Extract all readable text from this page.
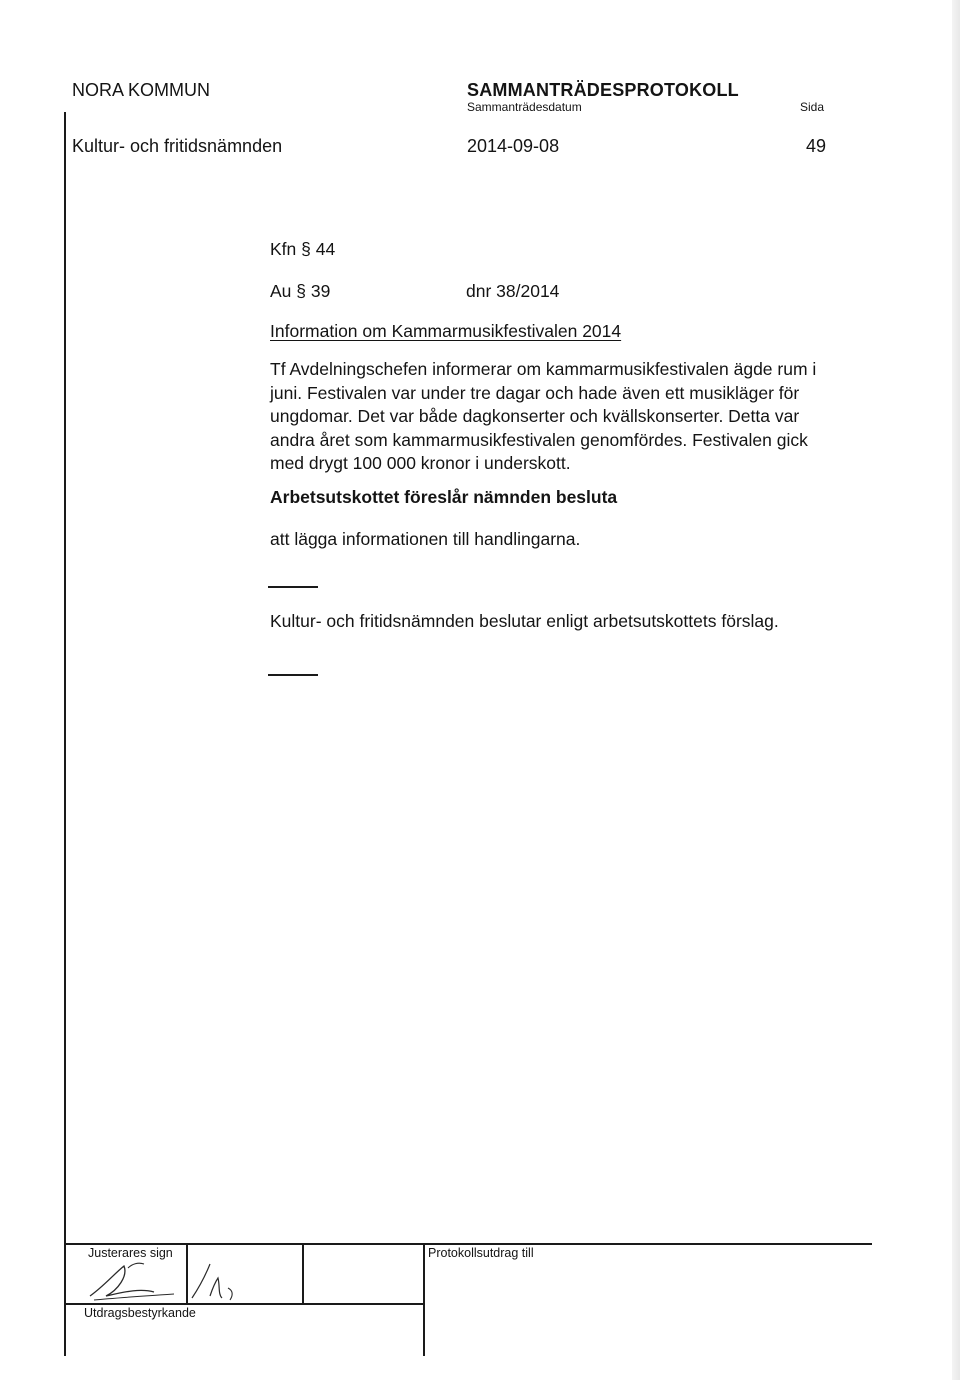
NORA KOMMUN	SAMMANTRÄDESPROTOKOLL
Sammanträdesdatum	Sida
Kultur- och fritidsnämnden	2014-09-08	49
Kfn § 44
Au § 39	dnr 38/2014
Information om Kammarmusikfestivalen 2014
Tf Avdelningschefen informerar om kammarmusikfestivalen ägde rum i
juni. Festivalen var under tre dagar och hade även ett musikläger för
ungdomar. Det var både dagkonserter och kvällskonserter. Detta var
andra året som kammarmusikfestivalen genomfördes. Festivalen gick
med drygt 100 000 kronor i underskott.
Arbetsutskottet föreslår nämnden besluta
att lägga informationen till handlingarna.
Kultur- och fritidsnämnden beslutar enligt arbetsutskottets förslag.
Justerares sign	Protokollsutdrag till
Utdragsbestyrkande
